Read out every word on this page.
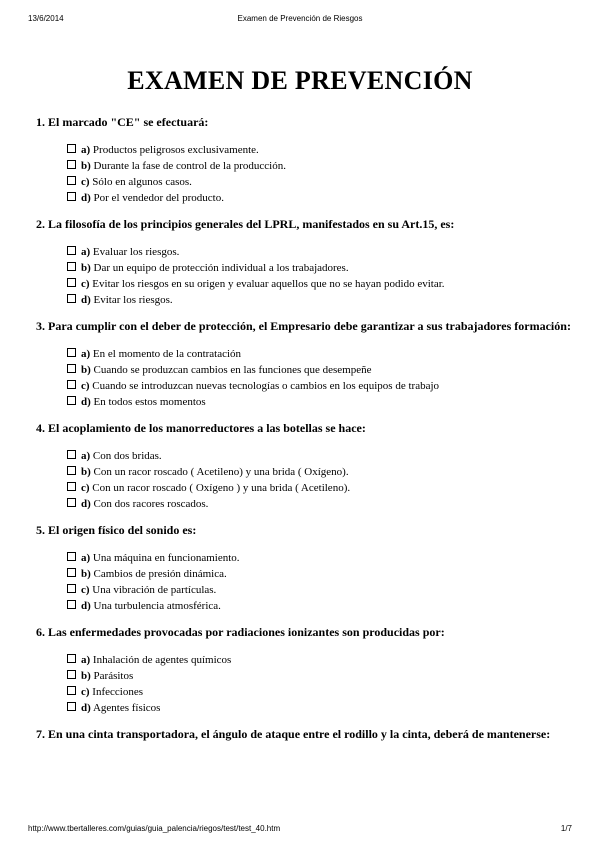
13/6/2014	Examen de Prevención de Riesgos
EXAMEN DE PREVENCIÓN

1. El marcado "CE" se efectuará:

a) Productos peligrosos exclusivamente.
b) Durante la fase de control de la producción.
c) Sólo en algunos casos.
d) Por el vendedor del producto.

2. La filosofía de los principios generales del LPRL, manifestados en su Art.15, es:

a) Evaluar los riesgos.
b) Dar un equipo de protección individual a los trabajadores.
c) Evitar los riesgos en su origen y evaluar aquellos que no se hayan podido evitar.
d) Evitar los riesgos.

3. Para cumplir con el deber de protección, el Empresario debe garantizar a sus trabajadores formación:

a) En el momento de la contratación
b) Cuando se produzcan cambios en las funciones que desempeñe
c) Cuando se introduzcan nuevas tecnologías o cambios en los equipos de trabajo
d) En todos estos momentos

4. El acoplamiento de los manorreductores a las botellas se hace:

a) Con dos bridas.
b) Con un racor roscado ( Acetileno) y una brida ( Oxígeno).
c) Con un racor roscado ( Oxígeno ) y una brida ( Acetileno).
d) Con dos racores roscados.

5. El origen físico del sonido es:

a) Una máquina en funcionamiento.
b) Cambios de presión dinámica.
c) Una vibración de partículas.
d) Una turbulencia atmosférica.

6. Las enfermedades provocadas por radiaciones ionizantes son producidas por:

a) Inhalación de agentes químicos
b) Parásitos
c) Infecciones
d) Agentes físicos

7. En una cinta transportadora, el ángulo de ataque entre el rodillo y la cinta, deberá de mantenerse:

http://www.tbertalleres.com/guias/guia_palencia/riegos/test/test_40.htm	1/7
